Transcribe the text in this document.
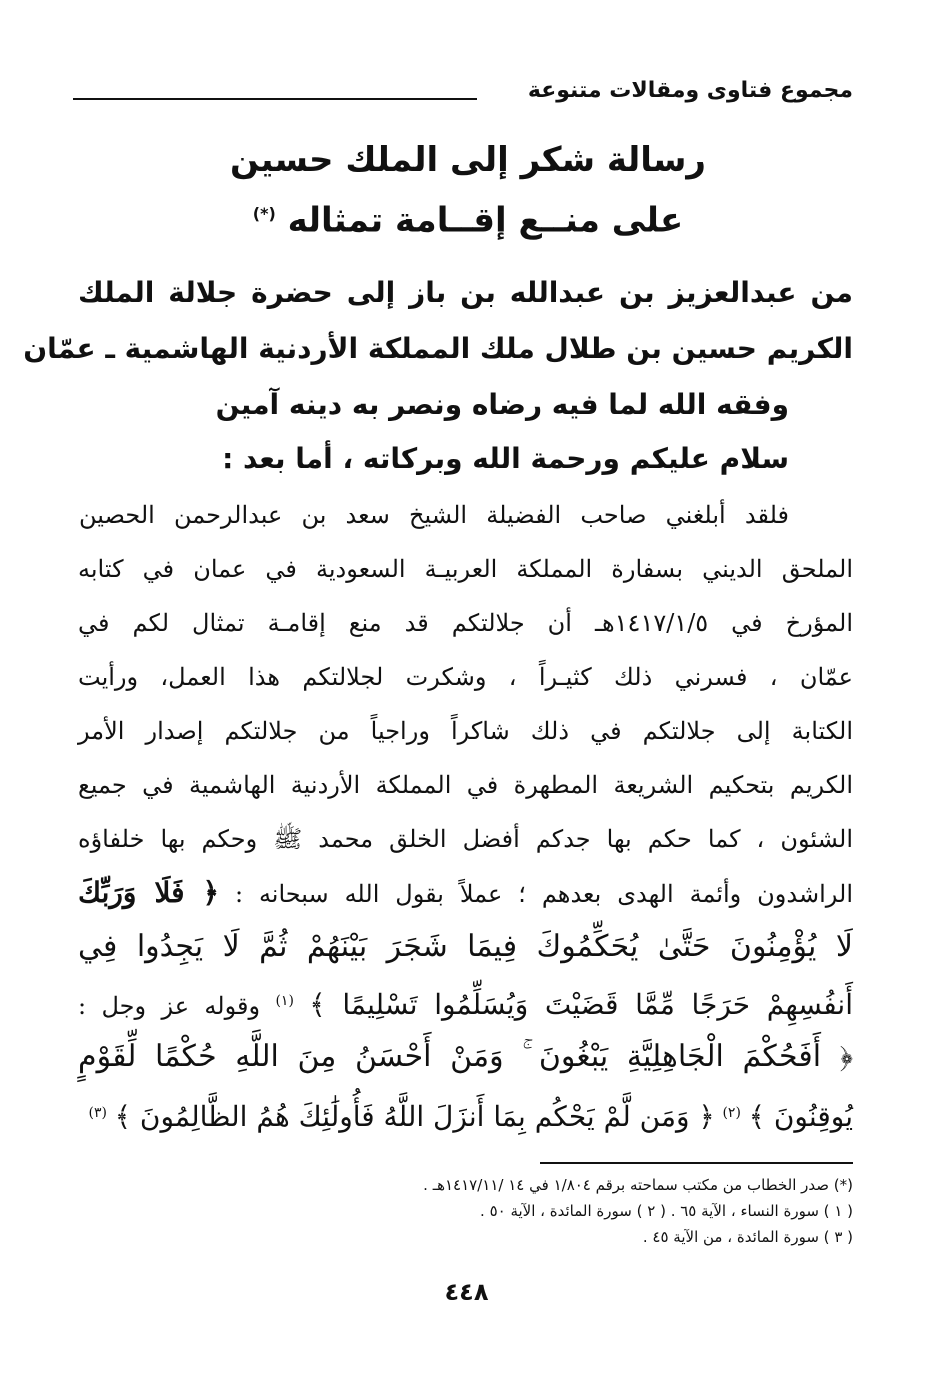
مجموع فتاوى ومقالات متنوعة
رسالة شكر إلى الملك حسين
على منــع إقــامة تمثاله (*)
من عبدالعزيز بن عبدالله بن باز إلى حضرة جلالة الملك
الكريم حسين بن طلال ملك المملكة الأردنية الهاشمية ـ عمّان
وفقه الله لما فيه رضاه ونصر به دينه آمين
سلام عليكم ورحمة الله وبركاته ، أما بعد :
فلقد أبلغني صاحب الفضيلة الشيخ سعد بن عبدالرحمن الحصين
الملحق الديني بسفارة المملكة العربيـة السعودية في عمان في كتابه
المؤرخ في ١٤١٧/١/٥هـ أن جلالتكم قد منع إقامـة تمثال لكم في
عمّان ، فسرني ذلك كثيـراً ، وشكرت لجلالتكم هذا العمل، ورأيت
الكتابة إلى جلالتكم في ذلك شاكراً وراجياً من جلالتكم إصدار الأمر
الكريم بتحكيم الشريعة المطهرة في المملكة الأردنية الهاشمية في جميع
الشئون ، كما حكم بها جدكم أفضل الخلق محمد ﷺ وحكم بها خلفاؤه
الراشدون وأئمة الهدى بعدهم ؛ عملاً بقول الله سبحانه : ﴿ فَلَا وَرَبِّكَ
لَا يُؤْمِنُونَ حَتَّىٰ يُحَكِّمُوكَ فِيمَا شَجَرَ بَيْنَهُمْ ثُمَّ لَا يَجِدُوا فِي
أَنفُسِهِمْ حَرَجًا مِّمَّا قَضَيْتَ وَيُسَلِّمُوا تَسْلِيمًا ﴾ $^{(١)}$ وقوله عز وجل :
﴿ أَفَحُكْمَ الْجَاهِلِيَّةِ يَبْغُونَ ۚ وَمَنْ أَحْسَنُ مِنَ اللَّهِ حُكْمًا لِّقَوْمٍ
يُوقِنُونَ ﴾ $^{(٢)}$ ﴿ وَمَن لَّمْ يَحْكُم بِمَا أَنزَلَ اللَّهُ فَأُولَٰئِكَ هُمُ الظَّالِمُونَ ﴾ $^{(٣)}$
(*) صدر الخطاب من مكتب سماحته برقم ١/٨٠٤ في ١٤ /١٤١٧/١١هـ .
( ١ ) سورة النساء ، الآية ٦٥ . ( ٢ ) سورة المائدة ، الآية ٥٠ .
( ٣ ) سورة المائدة ، من الآية ٤٥ .
٤٤٨
